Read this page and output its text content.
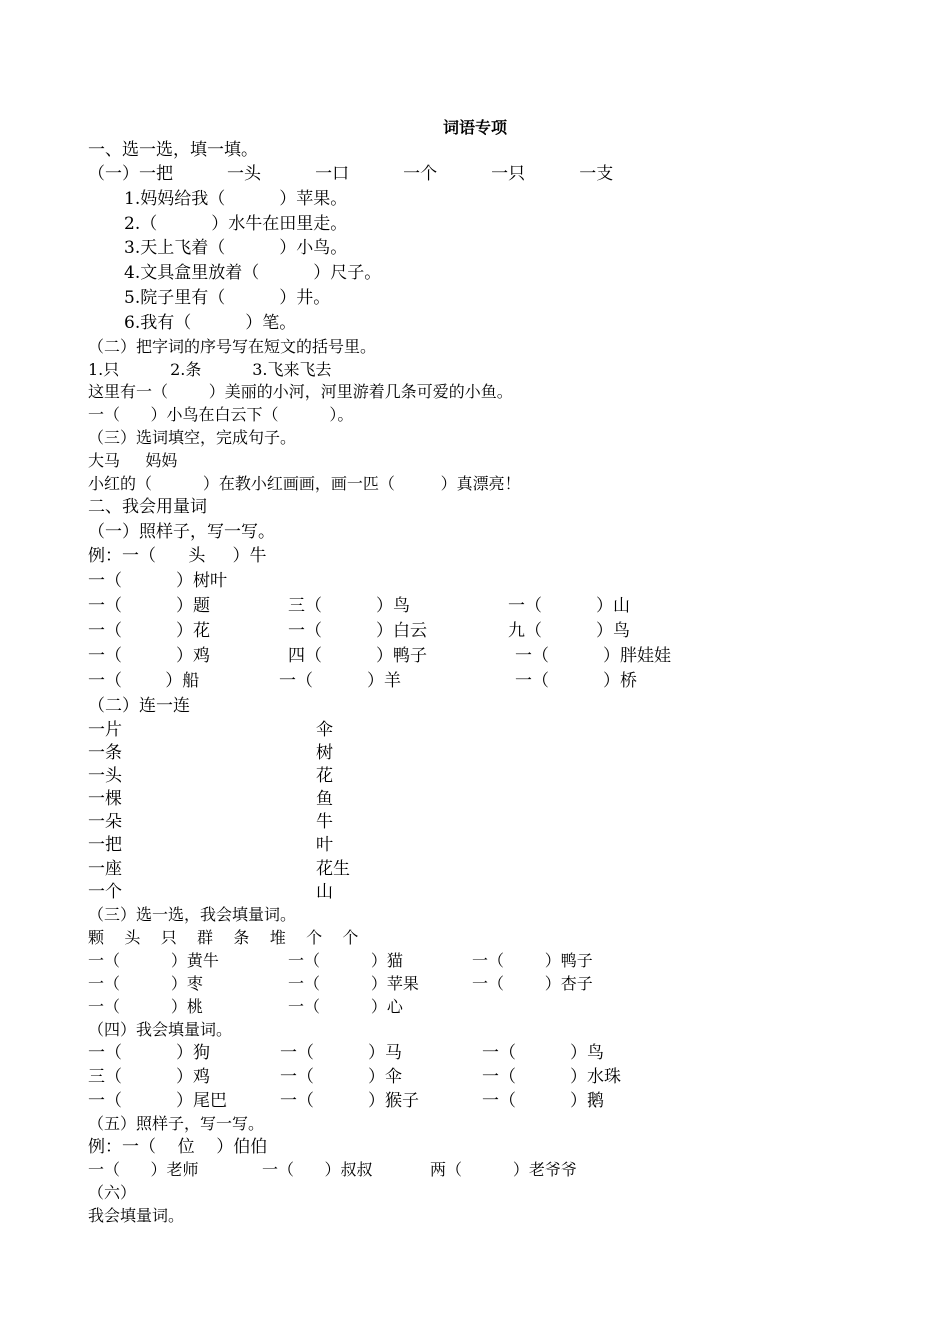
词语专项
一、选一选，填一填。
（一）一把          一头          一口          一个          一只          一支
1.妈妈给我（          ）苹果。
2.（          ）水牛在田里走。
3.天上飞着（          ）小鸟。
4.文具盒里放着（          ）尺子。
5.院子里有（          ）井。
6.我有（          ）笔。
（二）把字词的序号写在短文的括号里。
1.只          2.条          3.飞来飞去
这里有一（        ）美丽的小河，河里游着几条可爱的小鱼。
一（      ）小鸟在白云下（          ）。
（三）选词填空，完成句子。
大马     妈妈
小红的（          ）在教小红画画，画一匹（         ）真漂亮！
二、我会用量词
（一）照样子，写一写。
例：一（      头     ）牛
一（          ）树叶
一（          ）题	三（          ）鸟	一（          ）山
一（          ）花	一（          ）白云	九（          ）鸟
一（          ）鸡	四（          ）鸭子	一（          ）胖娃娃
一（        ）船	一（          ）羊	一（          ）桥
（二）连一连
一片	伞
一条	树
一头	花
一棵	鱼
一朵	牛
一把	叶
一座	花生
一个	山
（三）选一选，我会填量词。
颗    头    只    群    条    堆    个    个
一（          ）黄牛	一（          ）猫	一（        ）鸭子
一（          ）枣	一（          ）苹果	一（        ）杏子
一（          ）桃	一（          ）心
（四）我会填量词。
一（          ）狗	一（          ）马	一（          ）鸟
三（          ）鸡	一（          ）伞	一（          ）水珠
一（          ）尾巴	一（          ）猴子	一（          ）鹅
（五）照样子，写一写。
例：一（    位    ）伯伯
一（      ）老师	一（      ）叔叔	两（          ）老爷爷
（六）
我会填量词。
